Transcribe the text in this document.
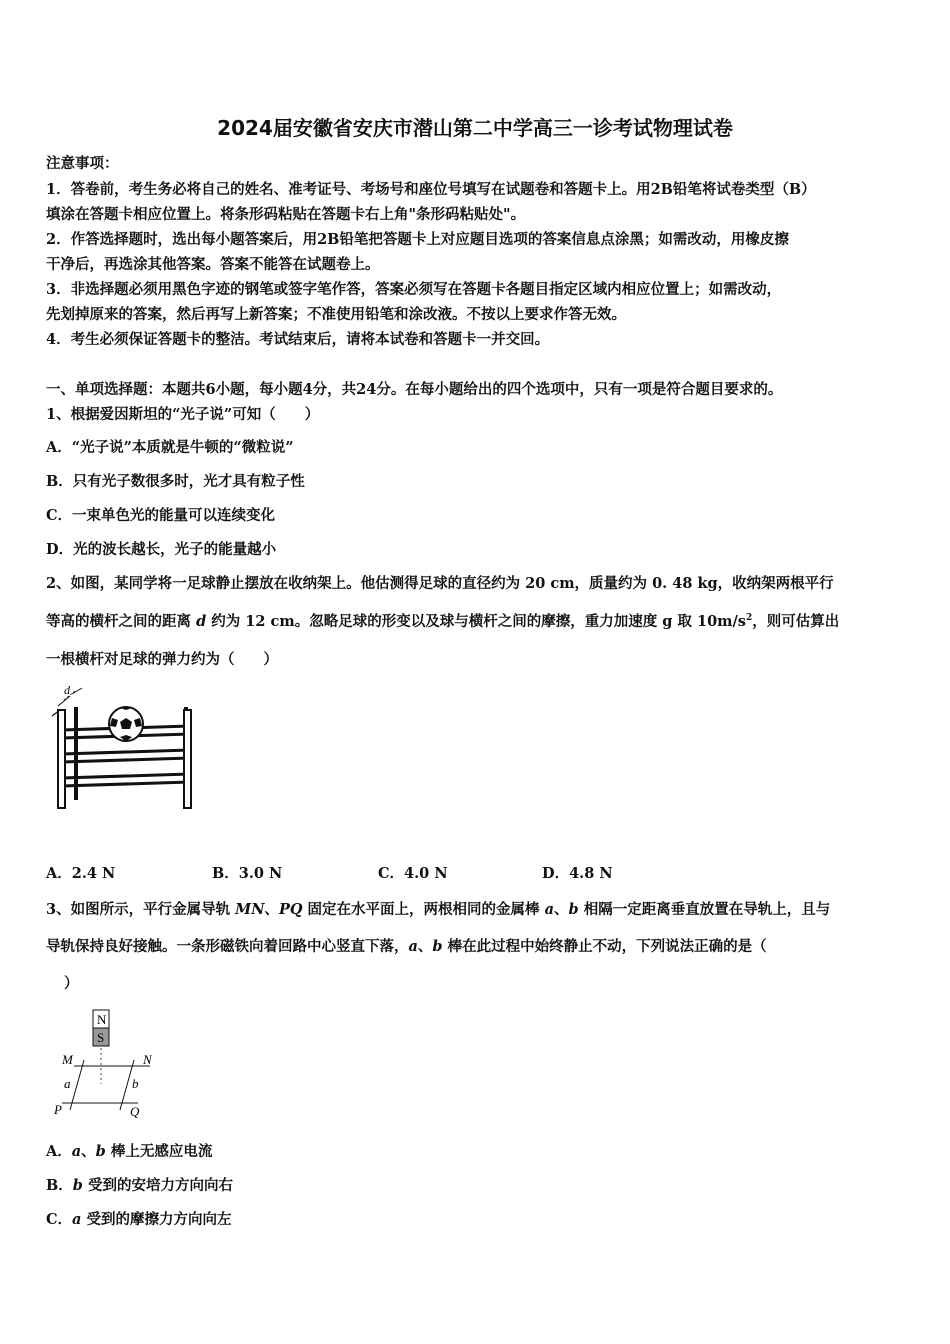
2024届安徽省安庆市潜山第二中学高三一诊考试物理试卷
注意事项：
1．答卷前，考生务必将自己的姓名、准考证号、考场号和座位号填写在试题卷和答题卡上。用2B铅笔将试卷类型（B）
填涂在答题卡相应位置上。将条形码粘贴在答题卡右上角"条形码粘贴处"。
2．作答选择题时，选出每小题答案后，用2B铅笔把答题卡上对应题目选项的答案信息点涂黑；如需改动，用橡皮擦
干净后，再选涂其他答案。答案不能答在试题卷上。
3．非选择题必须用黑色字迹的钢笔或签字笔作答，答案必须写在答题卡各题目指定区域内相应位置上；如需改动，
先划掉原来的答案，然后再写上新答案；不准使用铅笔和涂改液。不按以上要求作答无效。
4．考生必须保证答题卡的整洁。考试结束后，请将本试卷和答题卡一并交回。
一、单项选择题：本题共6小题，每小题4分，共24分。在每小题给出的四个选项中，只有一项是符合题目要求的。
1、根据爱因斯坦的“光子说”可知（　　）
A．“光子说”本质就是牛顿的“微粒说”
B．只有光子数很多时，光才具有粒子性
C．一束单色光的能量可以连续变化
D．光的波长越长，光子的能量越小
2、如图，某同学将一足球静止摆放在收纳架上。他估测得足球的直径约为 20 cm，质量约为 0. 48 kg，收纳架两根平行
等高的横杆之间的距离 d 约为 12 cm。忽略足球的形变以及球与横杆之间的摩擦，重力加速度 g 取 $10m/s^2$，则可估算出
一根横杆对足球的弹力约为（　　）
d
A．2.4 N	B．3.0 N	C．4.0 N	D．4.8 N
3、如图所示，平行金属导轨 MN、PQ 固定在水平面上，两根相同的金属棒 a、b 相隔一定距离垂直放置在导轨上，且与
导轨保持良好接触。一条形磁铁向着回路中心竖直下落，a、b 棒在此过程中始终静止不动，下列说法正确的是（
）
N
S
M	N
a	b
P	Q
A．a、b 棒上无感应电流
B．b 受到的安培力方向向右
C．a 受到的摩擦力方向向左
